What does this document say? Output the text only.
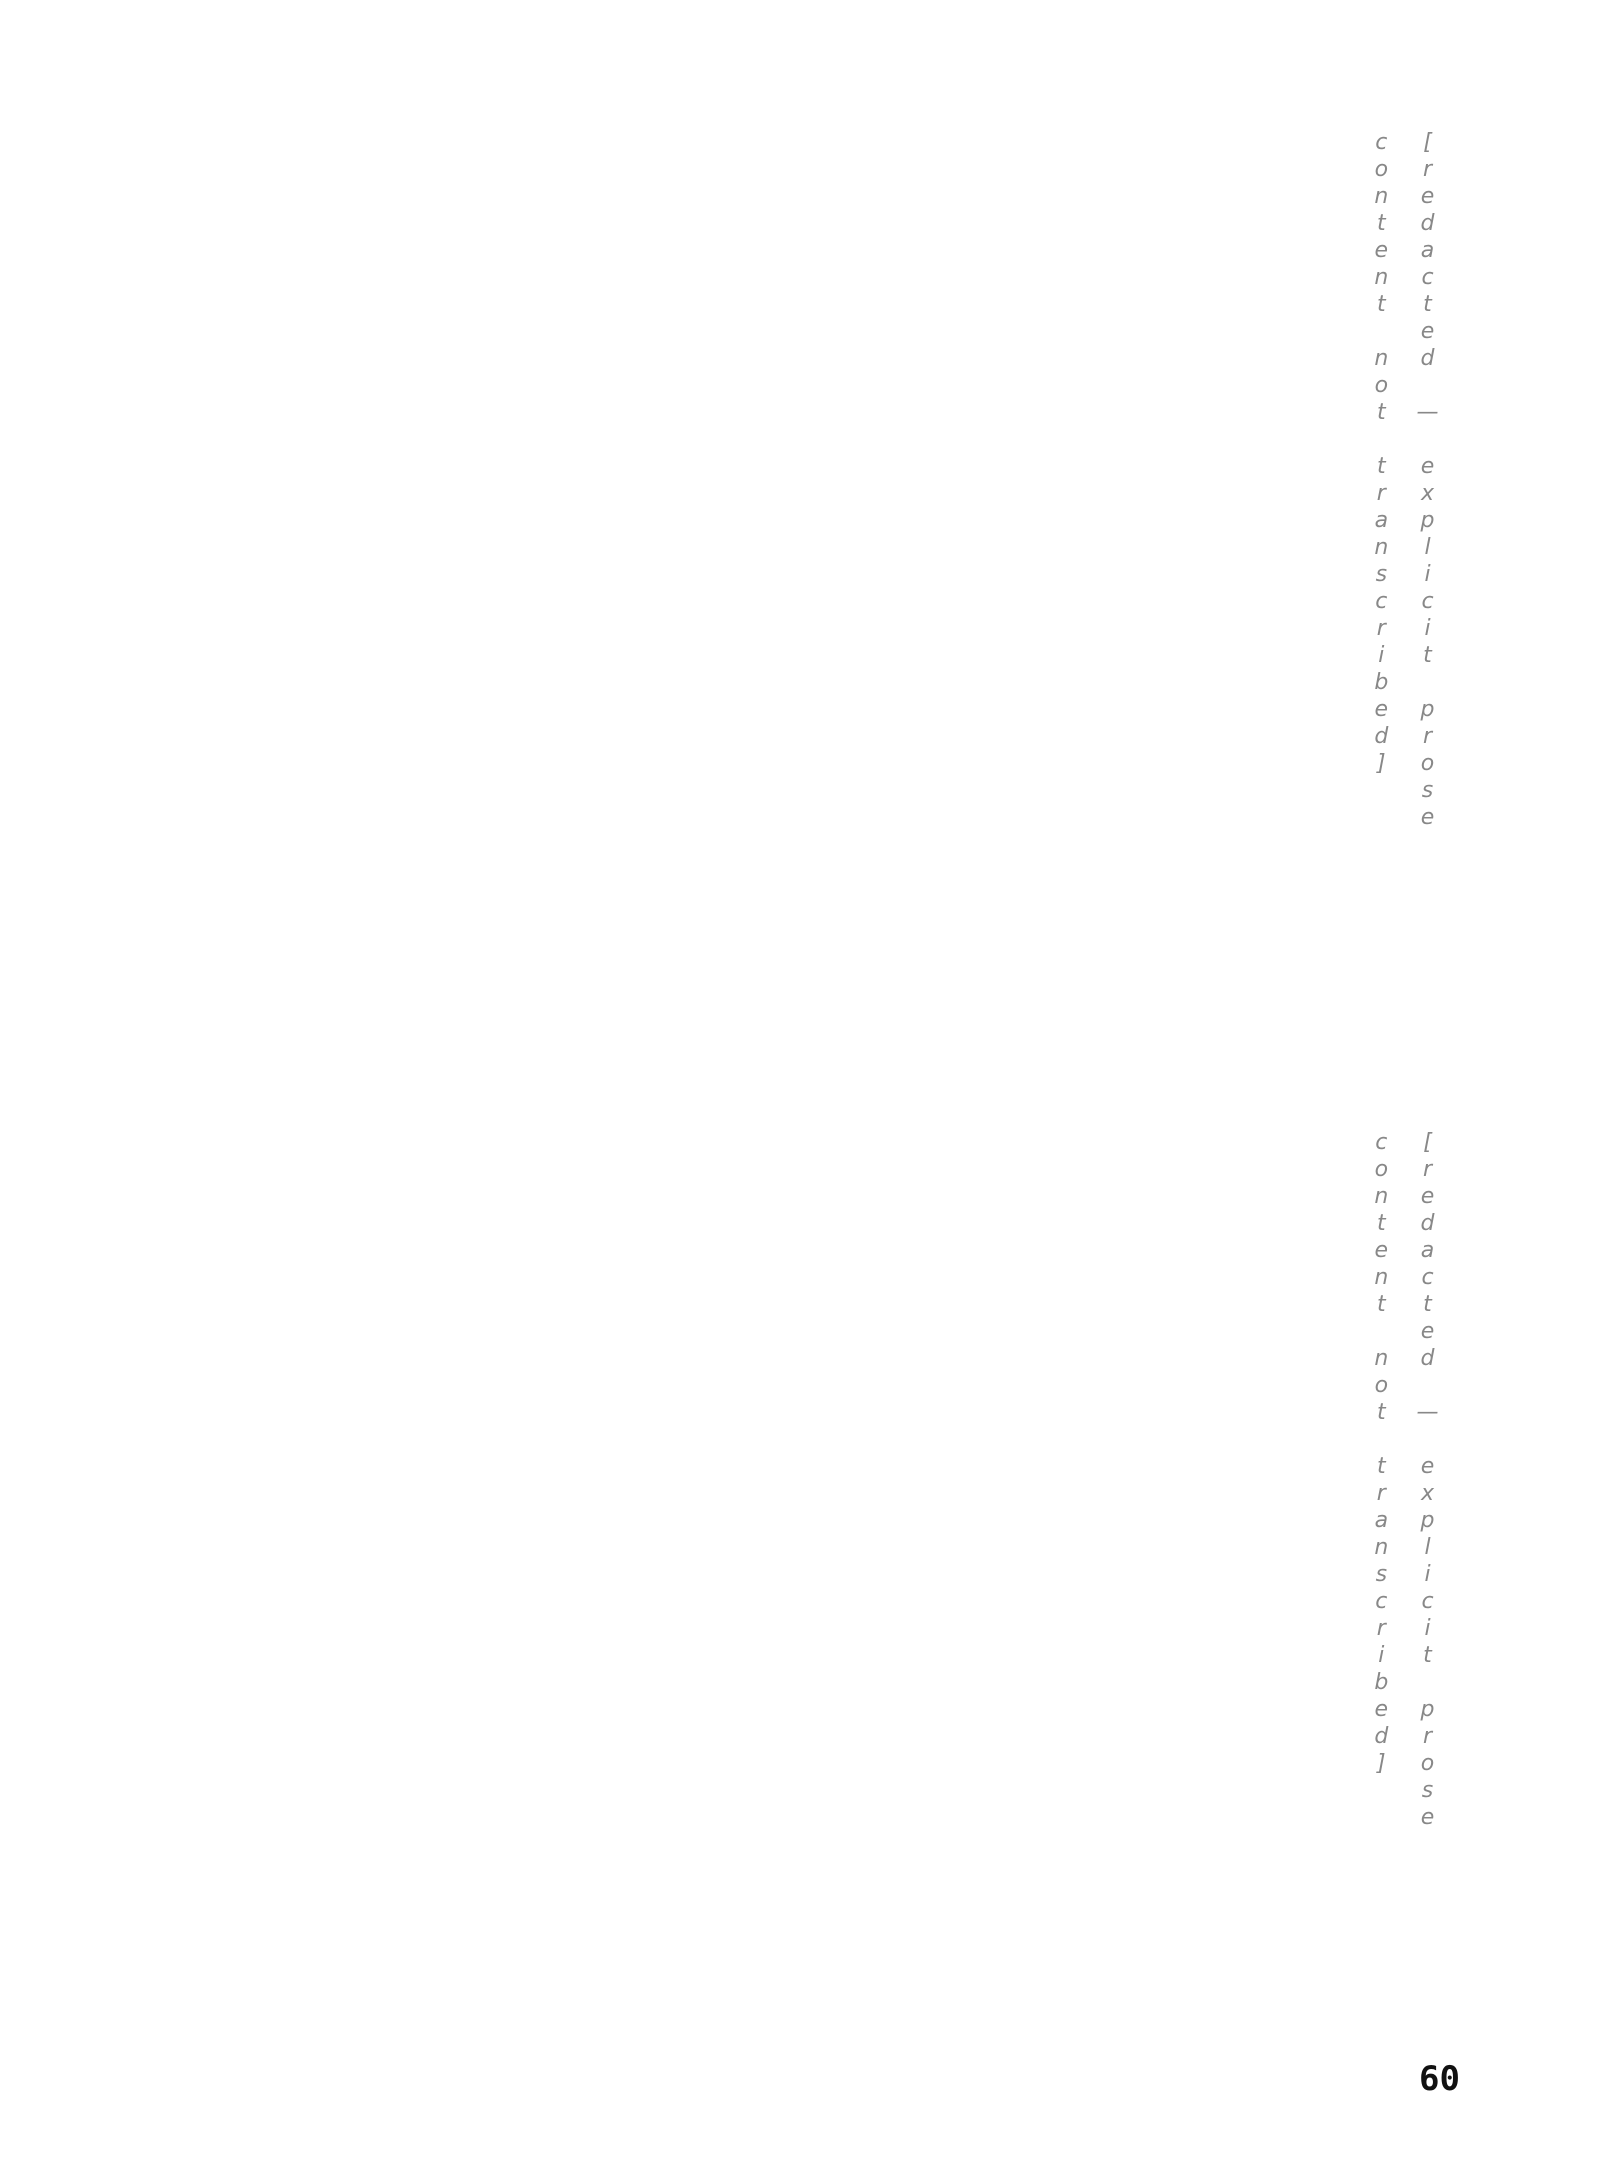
[redacted — explicit prose content not transcribed]
[redacted — explicit prose content not transcribed]
60
